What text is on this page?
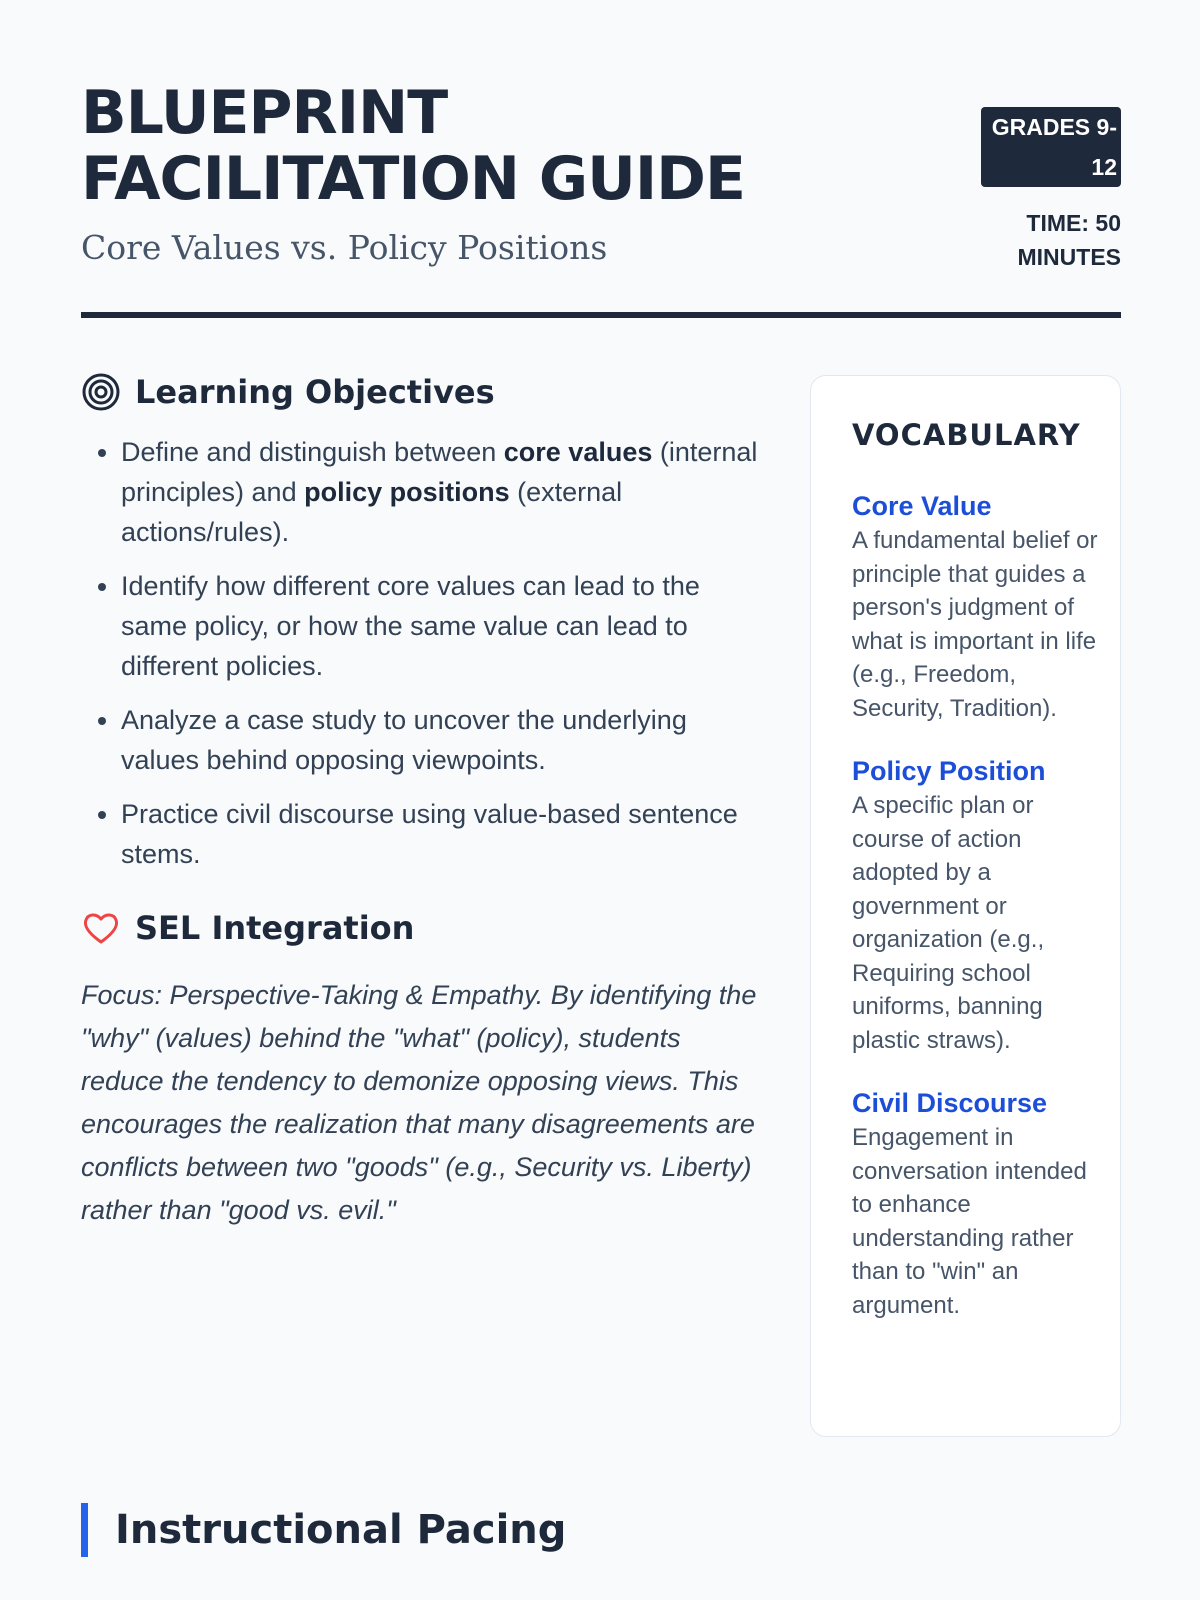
BLUEPRINT FACILITATION GUIDE

Core Values vs. Policy Positions

GRADES 9-12
TIME: 50 MINUTES
Learning Objectives
• Define and distinguish between core values (internal principles) and policy positions (external actions/rules).
• Identify how different core values can lead to the same policy, or how the same value can lead to different policies.
• Analyze a case study to uncover the underlying values behind opposing viewpoints.
• Practice civil discourse using value-based sentence stems.
SEL Integration

Focus: Perspective-Taking & Empathy. By identifying the "why" (values) behind the "what" (policy), students reduce the tendency to demonize opposing views. This encourages the realization that many disagreements are conflicts between two "goods" (e.g., Security vs. Liberty) rather than "good vs. evil."

VOCABULARY

Core Value

A fundamental belief or principle that guides a person's judgment of what is important in life (e.g., Freedom, Security, Tradition).

Policy Position

A specific plan or course of action adopted by a government or organization (e.g., Requiring school uniforms, banning plastic straws).

Civil Discourse

Engagement in conversation intended to enhance understanding rather than to "win" an argument.

Instructional Pacing
